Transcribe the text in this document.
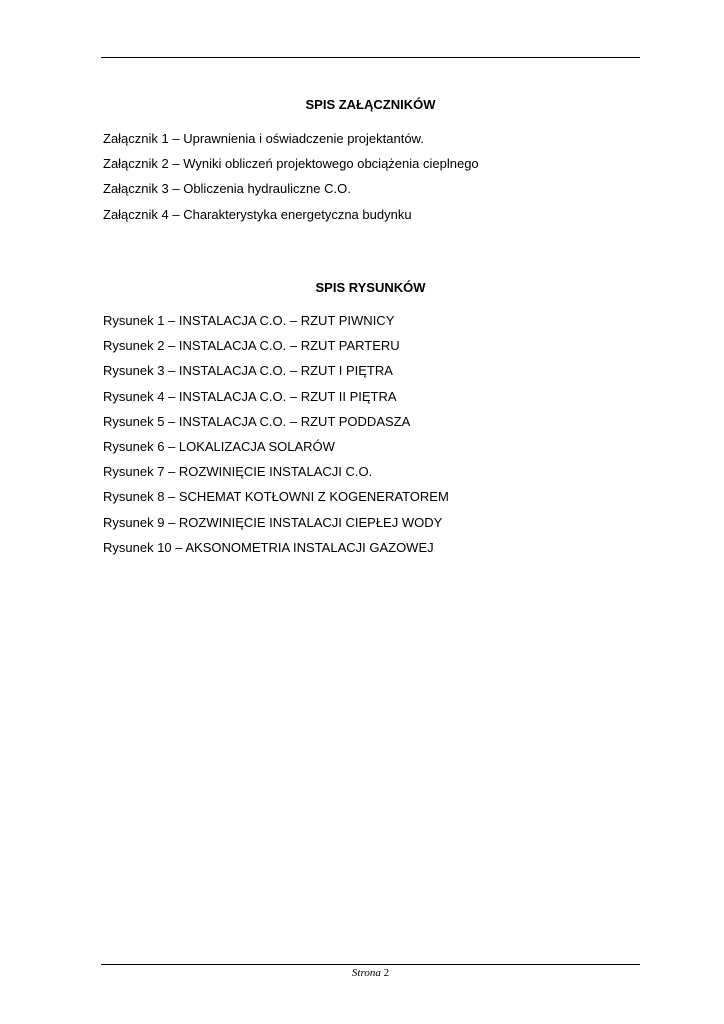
SPIS ZAŁĄCZNIKÓW
Załącznik 1 – Uprawnienia i oświadczenie projektantów.
Załącznik 2 – Wyniki obliczeń projektowego obciążenia cieplnego
Załącznik 3 – Obliczenia hydrauliczne C.O.
Załącznik 4 – Charakterystyka energetyczna budynku
SPIS RYSUNKÓW
Rysunek 1 – INSTALACJA C.O. – RZUT PIWNICY
Rysunek 2 – INSTALACJA C.O. – RZUT PARTERU
Rysunek 3 – INSTALACJA C.O. – RZUT I PIĘTRA
Rysunek 4 – INSTALACJA C.O. – RZUT II PIĘTRA
Rysunek 5 – INSTALACJA C.O. – RZUT PODDASZA
Rysunek 6 – LOKALIZACJA SOLARÓW
Rysunek 7 – ROZWINIĘCIE INSTALACJI C.O.
Rysunek 8 – SCHEMAT KOTŁOWNI Z KOGENERATOREM
Rysunek 9 – ROZWINIĘCIE INSTALACJI CIEPŁEJ WODY
Rysunek 10 – AKSONOMETRIA INSTALACJI GAZOWEJ
Strona 2
